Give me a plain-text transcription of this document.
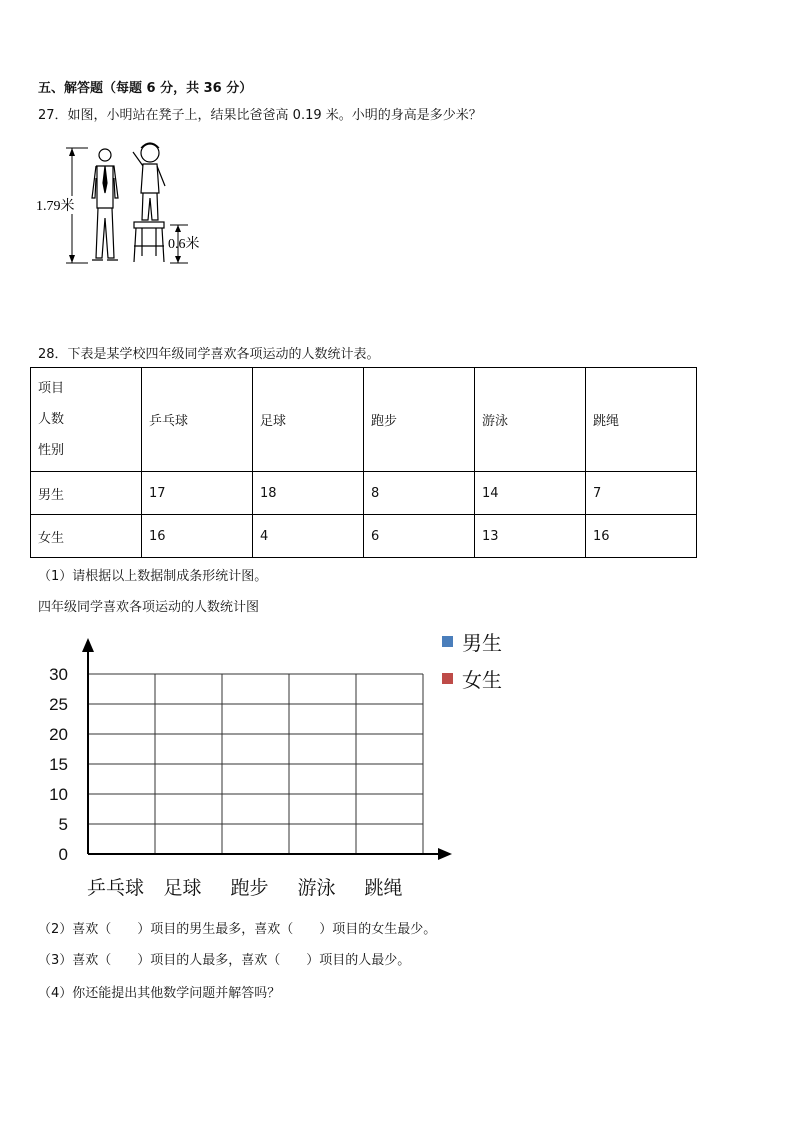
五、解答题（每题 6 分，共 36 分）
27．如图，小明站在凳子上，结果比爸爸高 0.19 米。小明的身高是多少米？
1.79米
0.6米
28．下表是某学校四年级同学喜欢各项运动的人数统计表。
项目
人数
性别	乒乓球	足球	跑步	游泳	跳绳
男生	17	18	8	14	7
女生	16	4	6	13	16
（1）请根据以上数据制成条形统计图。
四年级同学喜欢各项运动的人数统计图
0
5
10
15
20
25
30
乒乓球 足球 跑步 游泳 跳绳
男生
女生
（2）喜欢（　　）项目的男生最多，喜欢（　　）项目的女生最少。
（3）喜欢（　　）项目的人最多，喜欢（　　）项目的人最少。
（4）你还能提出其他数学问题并解答吗？
